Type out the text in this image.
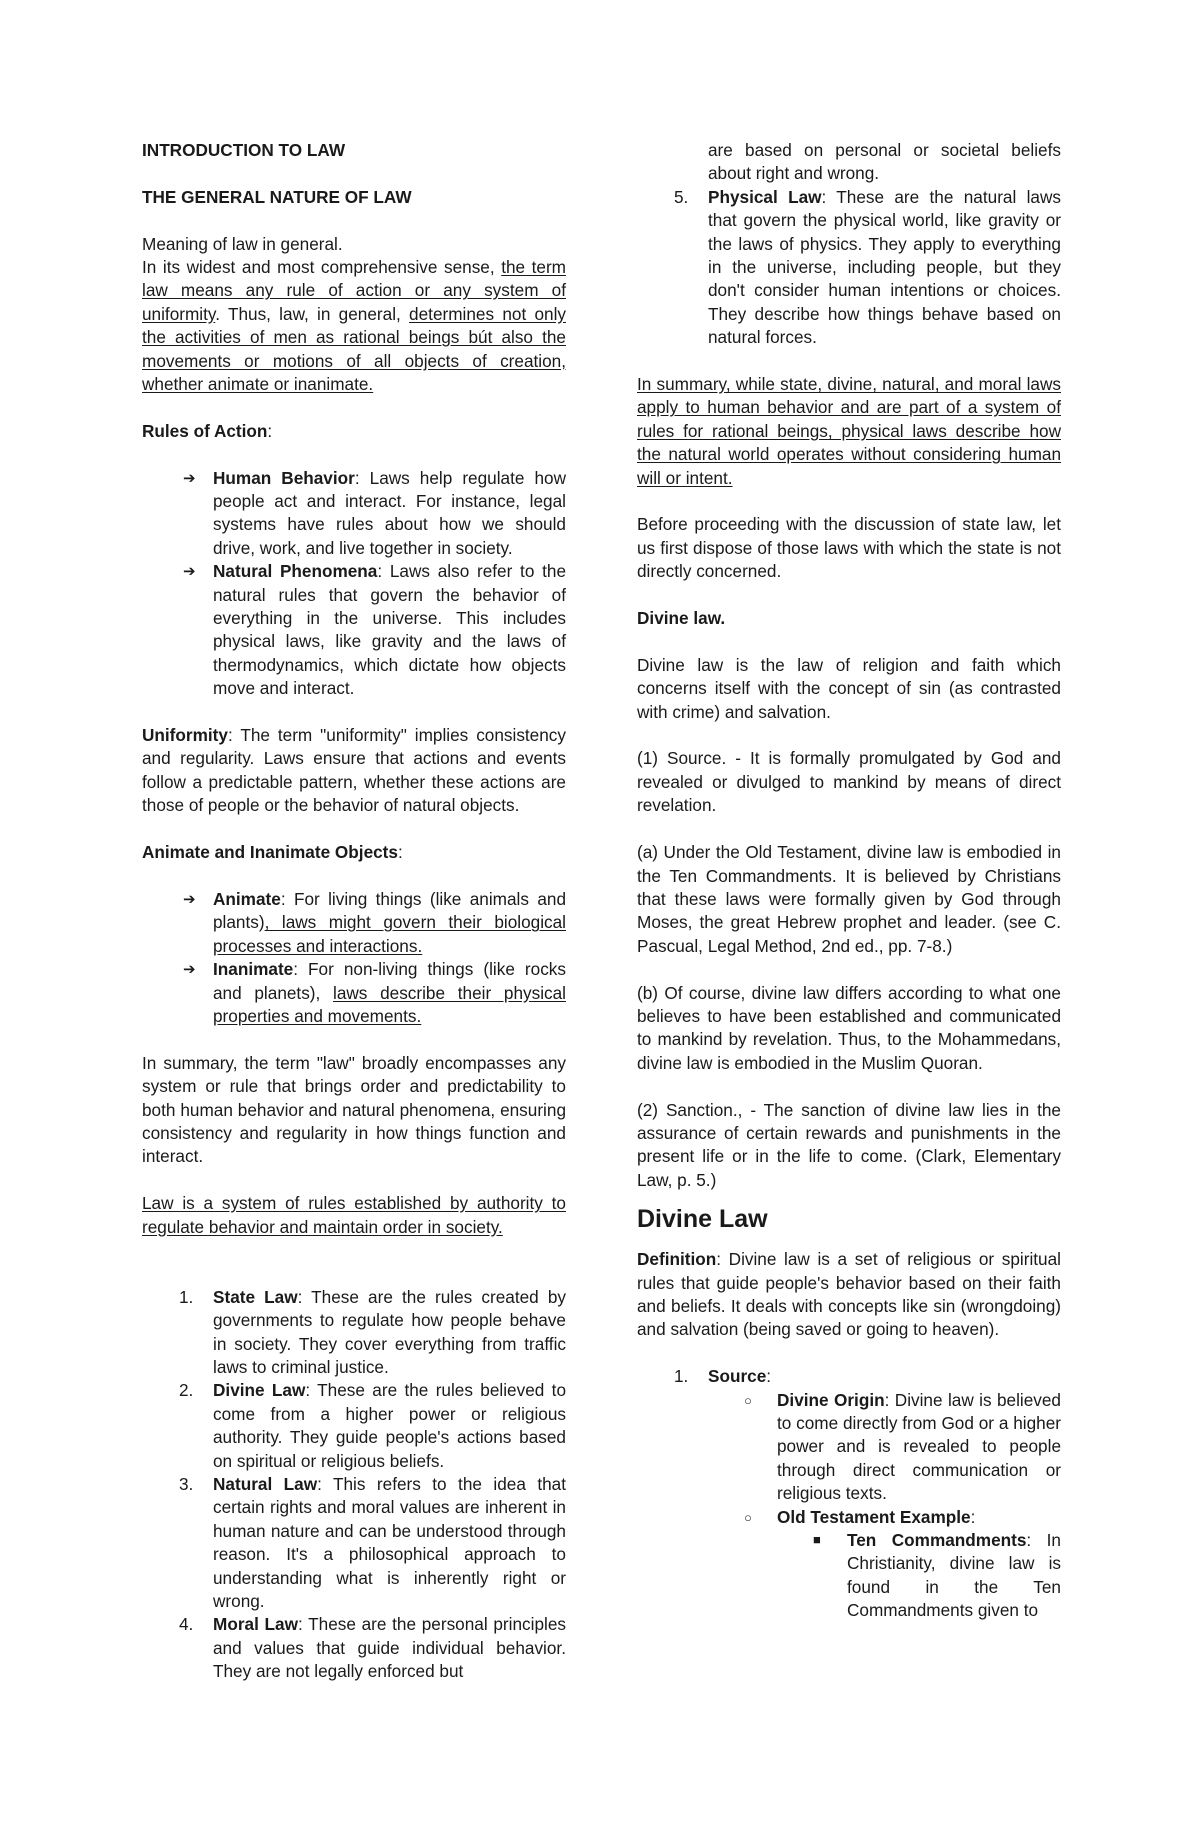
INTRODUCTION TO LAW
THE GENERAL NATURE OF LAW
Meaning of law in general.

In its widest and most comprehensive sense, the term law means any rule of action or any system of uniformity. Thus, law, in general, determines not only the activities of men as rational beings bút also the movements or motions of all objects of creation, whether animate or inanimate.

Rules of Action:
➔ Human Behavior: Laws help regulate how people act and interact. For instance, legal systems have rules about how we should drive, work, and live together in society.
➔ Natural Phenomena: Laws also refer to the natural rules that govern the behavior of everything in the universe. This includes physical laws, like gravity and the laws of thermodynamics, which dictate how objects move and interact.

Uniformity: The term "uniformity" implies consistency and regularity. Laws ensure that actions and events follow a predictable pattern, whether these actions are those of people or the behavior of natural objects.

Animate and Inanimate Objects:
➔ Animate: For living things (like animals and plants), laws might govern their biological processes and interactions.
➔ Inanimate: For non-living things (like rocks and planets), laws describe their physical properties and movements.

In summary, the term "law" broadly encompasses any system or rule that brings order and predictability to both human behavior and natural phenomena, ensuring consistency and regularity in how things function and interact.

Law is a system of rules established by authority to regulate behavior and maintain order in society.

1. State Law: These are the rules created by governments to regulate how people behave in society. They cover everything from traffic laws to criminal justice.
2. Divine Law: These are the rules believed to come from a higher power or religious authority. They guide people's actions based on spiritual or religious beliefs.
3. Natural Law: This refers to the idea that certain rights and moral values are inherent in human nature and can be understood through reason. It's a philosophical approach to understanding what is inherently right or wrong.
4. Moral Law: These are the personal principles and values that guide individual behavior. They are not legally enforced but

are based on personal or societal beliefs about right and wrong.

5. Physical Law: These are the natural laws that govern the physical world, like gravity or the laws of physics. They apply to everything in the universe, including people, but they don't consider human intentions or choices. They describe how things behave based on natural forces.

In summary, while state, divine, natural, and moral laws apply to human behavior and are part of a system of rules for rational beings, physical laws describe how the natural world operates without considering human will or intent.

Before proceeding with the discussion of state law, let us first dispose of those laws with which the state is not directly concerned.

Divine law.

Divine law is the law of religion and faith which concerns itself with the concept of sin (as contrasted with crime) and salvation.

(1) Source. - It is formally promulgated by God and revealed or divulged to mankind by means of direct revelation.

(a) Under the Old Testament, divine law is embodied in the Ten Commandments. It is believed by Christians that these laws were formally given by God through Moses, the great Hebrew prophet and leader. (see C. Pascual, Legal Method, 2nd ed., pp. 7-8.)

(b) Of course, divine law differs according to what one believes to have been established and communicated to mankind by revelation. Thus, to the Mohammedans, divine law is embodied in the Muslim Quoran.

(2) Sanction., - The sanction of divine law lies in the assurance of certain rewards and punishments in the present life or in the life to come. (Clark, Elementary Law, p. 5.)

Divine Law

Definition: Divine law is a set of religious or spiritual rules that guide people's behavior based on their faith and beliefs. It deals with concepts like sin (wrongdoing) and salvation (being saved or going to heaven).

1. Source:
○ Divine Origin: Divine law is believed to come directly from God or a higher power and is revealed to people through direct communication or religious texts.
○ Old Testament Example:
■ Ten Commandments: In Christianity, divine law is found in the Ten Commandments given to
